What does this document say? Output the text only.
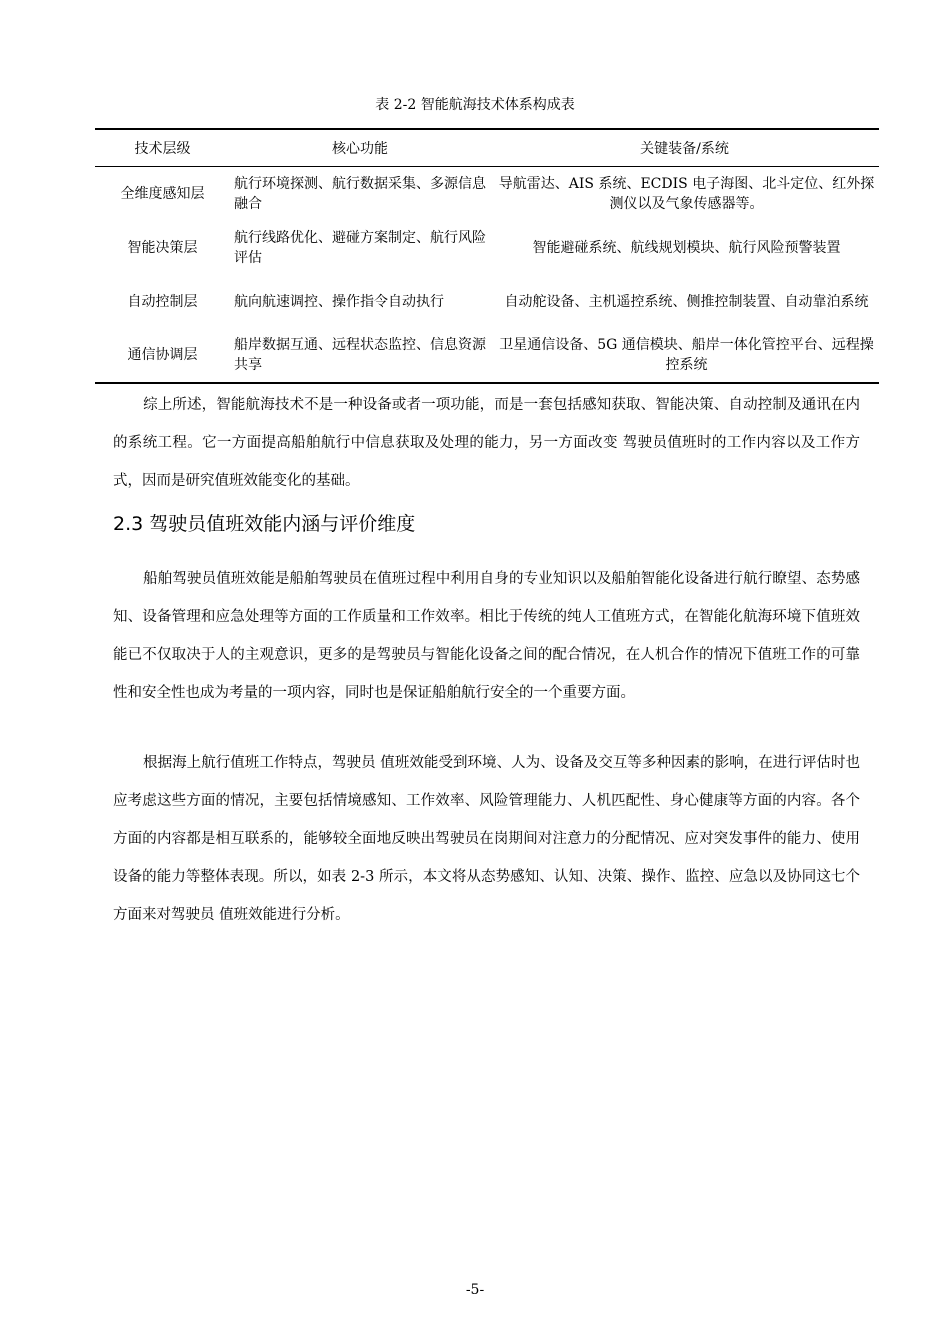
表 2-2 智能航海技术体系构成表
技术层级	核心功能	关键装备/系统
全维度感知层	航行环境探测、航行数据采集、多源信息融合	导航雷达、AIS 系统、ECDIS 电子海图、北斗定位、红外探测仪以及气象传感器等。
智能决策层	航行线路优化、避碰方案制定、航行风险评估	智能避碰系统、航线规划模块、航行风险预警装置
自动控制层	航向航速调控、操作指令自动执行	自动舵设备、主机遥控系统、侧推控制装置、自动靠泊系统
通信协调层	船岸数据互通、远程状态监控、信息资源共享	卫星通信设备、5G 通信模块、船岸一体化管控平台、远程操控系统
综上所述，智能航海技术不是一种设备或者一项功能，而是一套包括感知获取、智能决策、自动控制及通讯在内的系统工程。它一方面提高船舶航行中信息获取及处理的能力，另一方面改变 驾驶员值班时的工作内容以及工作方式，因而是研究值班效能变化的基础。
2.3 驾驶员值班效能内涵与评价维度
船舶驾驶员值班效能是船舶驾驶员在值班过程中利用自身的专业知识以及船舶智能化设备进行航行瞭望、态势感知、设备管理和应急处理等方面的工作质量和工作效率。相比于传统的纯人工值班方式，在智能化航海环境下值班效能已不仅取决于人的主观意识，更多的是驾驶员与智能化设备之间的配合情况，在人机合作的情况下值班工作的可靠性和安全性也成为考量的一项内容，同时也是保证船舶航行安全的一个重要方面。
根据海上航行值班工作特点，驾驶员 值班效能受到环境、人为、设备及交互等多种因素的影响，在进行评估时也应考虑这些方面的情况，主要包括情境感知、工作效率、风险管理能力、人机匹配性、身心健康等方面的内容。各个方面的内容都是相互联系的，能够较全面地反映出驾驶员在岗期间对注意力的分配情况、应对突发事件的能力、使用设备的能力等整体表现。所以，如表 2-3 所示，本文将从态势感知、认知、决策、操作、监控、应急以及协同这七个方面来对驾驶员 值班效能进行分析。
-5-
